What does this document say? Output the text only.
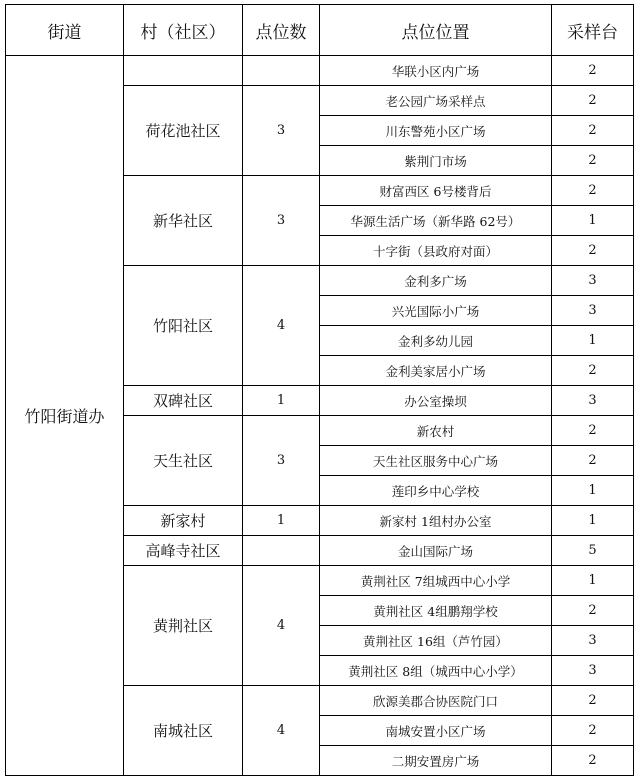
街道	村（社区）	点位数	点位位置	采样台
竹阳街道办			华联小区内广场	2
	荷花池社区	3	老公园广场采样点	2
			川东警苑小区广场	2
			紫荆门市场	2
	新华社区	3	财富西区 6号楼背后	2
			华源生活广场（新华路 62号）	1
			十字街（县政府对面）	2
	竹阳社区	4	金利多广场	3
			兴光国际小广场	3
			金利多幼儿园	1
			金利美家居小广场	2
	双碑社区	1	办公室操坝	3
	天生社区	3	新农村	2
			天生社区服务中心广场	2
			莲印乡中心学校	1
	新家村	1	新家村 1组村办公室	1
	高峰寺社区		金山国际广场	5
	黄荆社区	4	黄荆社区 7组城西中心小学	1
			黄荆社区 4组鹏翔学校	2
			黄荆社区 16组（芦竹园）	3
			黄荆社区 8组（城西中心小学）	3
	南城社区	4	欣源美郡合协医院门口	2
			南城安置小区广场	2
			二期安置房广场	2
